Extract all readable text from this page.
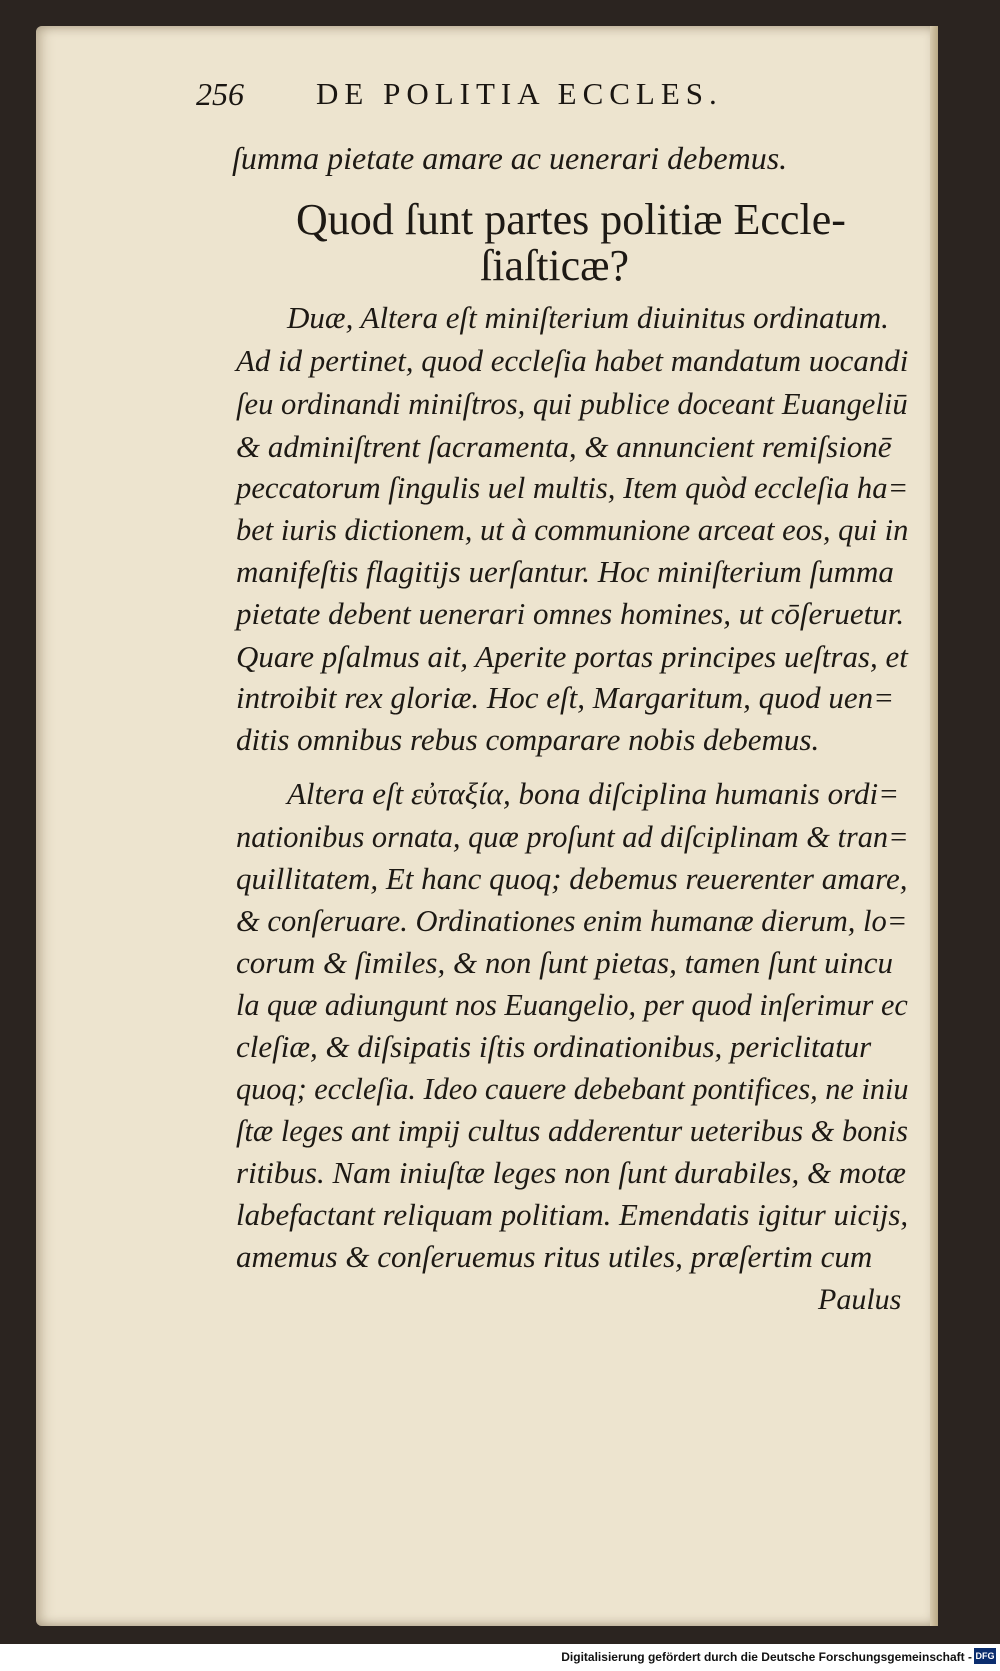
256 DE POLITIA ECCLES.
ſumma pietate amare ac uenerari debemus.
Quod ſunt partes politiæ Eccle-
ſiaſticæ?
Duæ, Altera eſt miniſterium diuinitus ordinatum.
Ad id pertinet, quod eccleſia habet mandatum uocandi
ſeu ordinandi miniſtros, qui publice doceant Euangeliū
& adminiſtrent ſacramenta, & annuncient remiſsionē
peccatorum ſingulis uel multis, Item quòd eccleſia ha=
bet iuris dictionem, ut à communione arceat eos, qui in
manifeſtis flagitijs uerſantur. Hoc miniſterium ſumma
pietate debent uenerari omnes homines, ut cōſeruetur.
Quare pſalmus ait, Aperite portas principes ueſtras, et
introibit rex gloriæ. Hoc eſt, Margaritum, quod uen=
ditis omnibus rebus comparare nobis debemus.
Altera eſt εὐταξία, bona diſciplina humanis ordi=
nationibus ornata, quæ proſunt ad diſciplinam & tran=
quillitatem, Et hanc quoq; debemus reuerenter amare,
& conſeruare. Ordinationes enim humanæ dierum, lo=
corum & ſimiles, & non ſunt pietas, tamen ſunt uincu
la quæ adiungunt nos Euangelio, per quod inſerimur ec
cleſiæ, & diſsipatis iſtis ordinationibus, periclitatur
quoq; eccleſia. Ideo cauere debebant pontifices, ne iniu
ſtæ leges ant impij cultus adderentur ueteribus & bonis
ritibus. Nam iniuſtæ leges non ſunt durabiles, & motæ
labefactant reliquam politiam. Emendatis igitur uicijs,
amemus & conſeruemus ritus utiles, præſertim cum
Paulus
Digitalisierung gefördert durch die Deutsche Forschungsgemeinschaft - DFG
